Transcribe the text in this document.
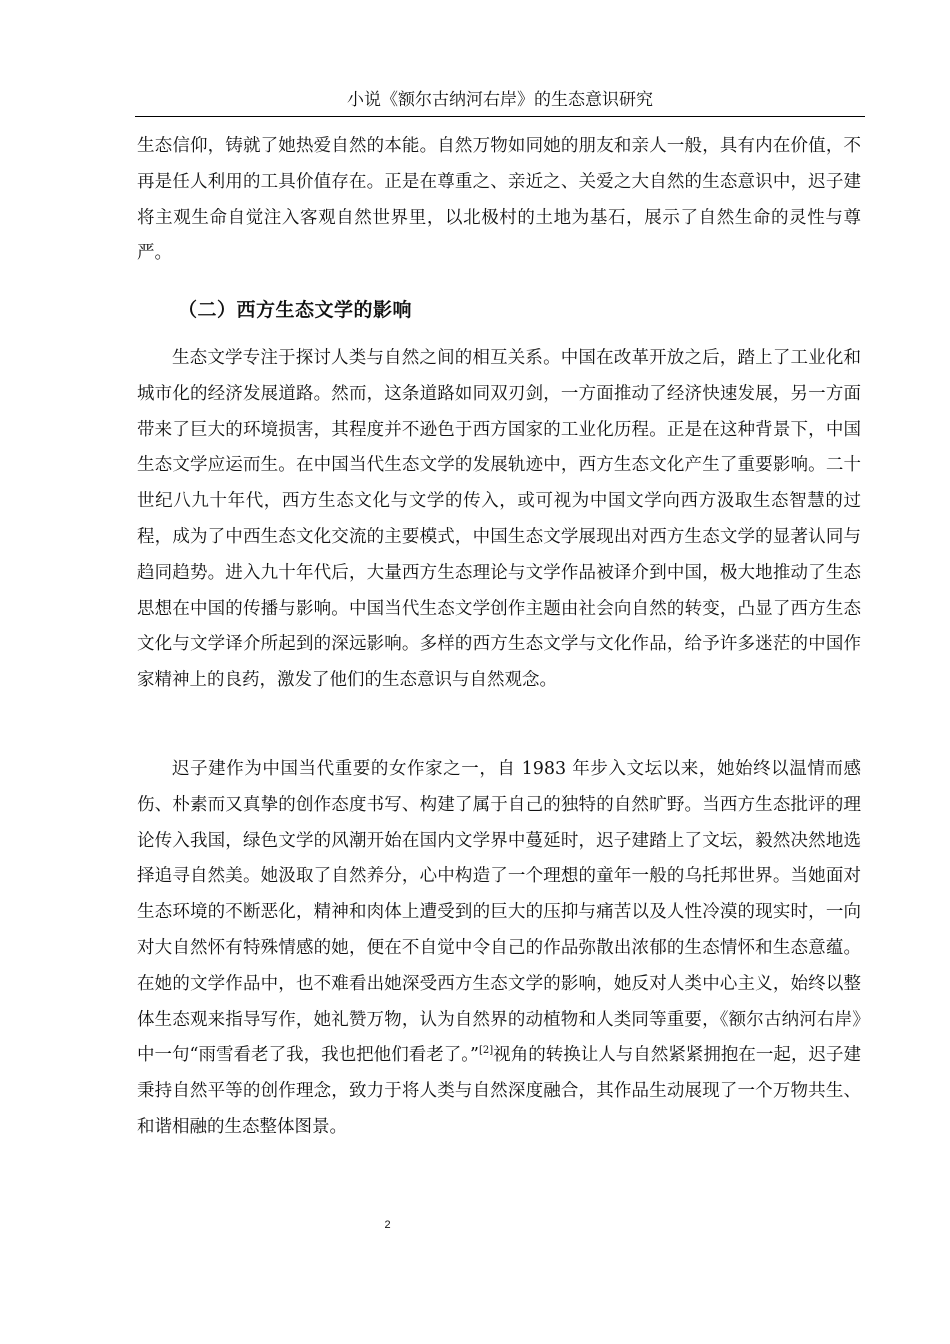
小说《额尔古纳河右岸》的生态意识研究

生态信仰，铸就了她热爱自然的本能。自然万物如同她的朋友和亲人一般，具有内在价值，不再是任人利用的工具价值存在。正是在尊重之、亲近之、关爱之大自然的生态意识中，迟子建将主观生命自觉注入客观自然世界里，以北极村的土地为基石，展示了自然生命的灵性与尊严。

（二）西方生态文学的影响

生态文学专注于探讨人类与自然之间的相互关系。中国在改革开放之后，踏上了工业化和城市化的经济发展道路。然而，这条道路如同双刃剑，一方面推动了经济快速发展，另一方面带来了巨大的环境损害，其程度并不逊色于西方国家的工业化历程。正是在这种背景下，中国生态文学应运而生。在中国当代生态文学的发展轨迹中，西方生态文化产生了重要影响。二十世纪八九十年代，西方生态文化与文学的传入，或可视为中国文学向西方汲取生态智慧的过程，成为了中西生态文化交流的主要模式，中国生态文学展现出对西方生态文学的显著认同与趋同趋势。进入九十年代后，大量西方生态理论与文学作品被译介到中国，极大地推动了生态思想在中国的传播与影响。中国当代生态文学创作主题由社会向自然的转变，凸显了西方生态文化与文学译介所起到的深远影响。多样的西方生态文学与文化作品，给予许多迷茫的中国作家精神上的良药，激发了他们的生态意识与自然观念。

迟子建作为中国当代重要的女作家之一，自 1983 年步入文坛以来，她始终以温情而感伤、朴素而又真挚的创作态度书写、构建了属于自己的独特的自然旷野。当西方生态批评的理论传入我国，绿色文学的风潮开始在国内文学界中蔓延时，迟子建踏上了文坛，毅然决然地选择追寻自然美。她汲取了自然养分，心中构造了一个理想的童年一般的乌托邦世界。当她面对生态环境的不断恶化，精神和肉体上遭受到的巨大的压抑与痛苦以及人性冷漠的现实时，一向对大自然怀有特殊情感的她，便在不自觉中令自己的作品弥散出浓郁的生态情怀和生态意蕴。在她的文学作品中，也不难看出她深受西方生态文学的影响，她反对人类中心主义，始终以整体生态观来指导写作，她礼赞万物，认为自然界的动植物和人类同等重要，《额尔古纳河右岸》中一句“雨雪看老了我，我也把他们看老了。”[2]视角的转换让人与自然紧紧拥抱在一起，迟子建秉持自然平等的创作理念，致力于将人类与自然深度融合，其作品生动展现了一个万物共生、和谐相融的生态整体图景。

2
